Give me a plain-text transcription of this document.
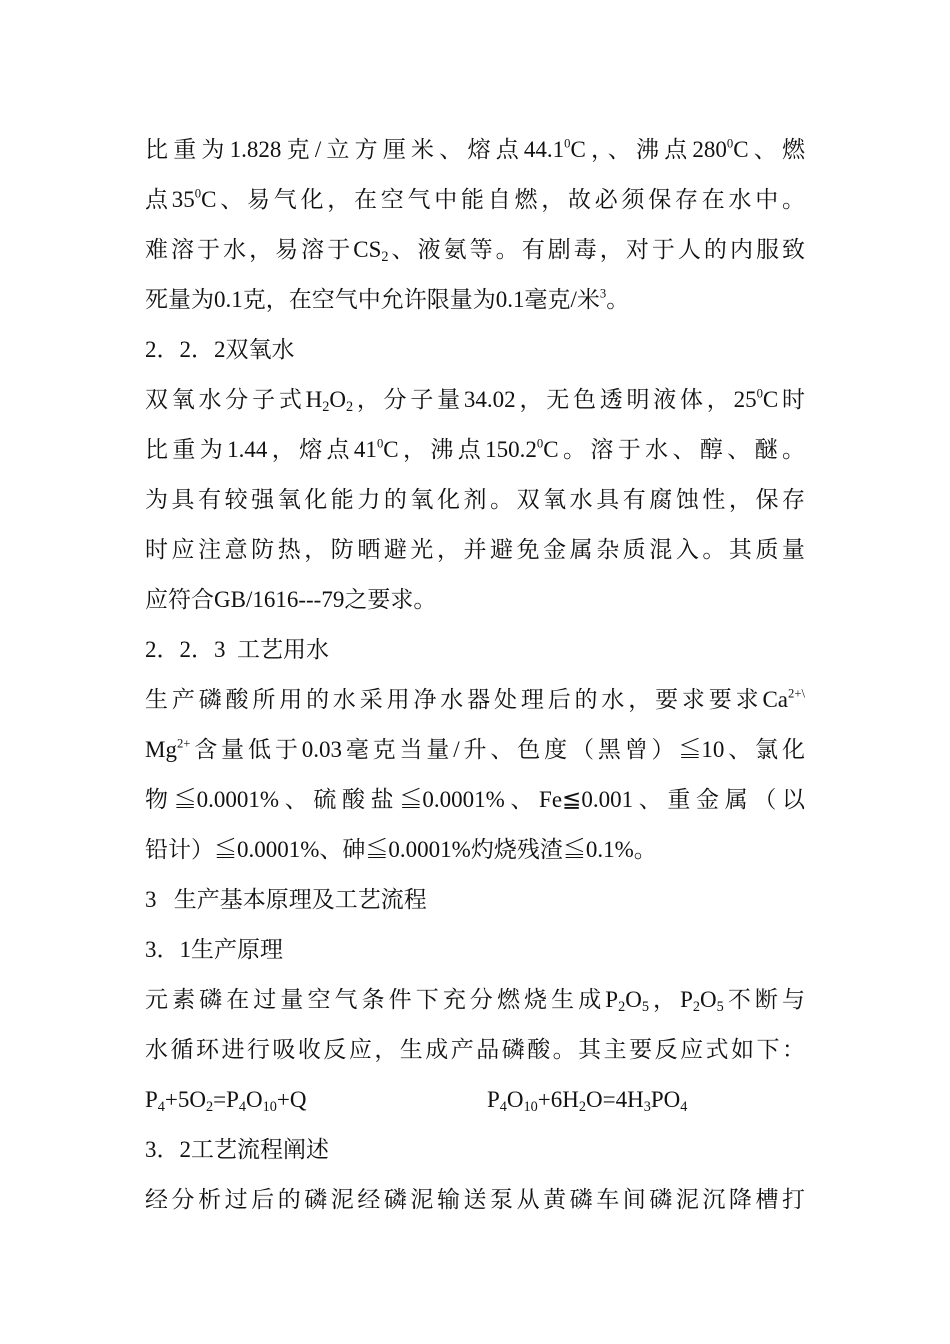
比重为1.828克/立方厘米、熔点44.1$^0$C，、沸点$280^0C$、燃
点$35^0C$、易气化，在空气中能自燃，故必须保存在水中。
难溶于水，易溶于$CS_2$、液氨等。有剧毒，对于人的内服致
死量为0.1克，在空气中允许限量为0.1毫克/米$^3$。
2．2．2双氧水
双氧水分子式$H_2O_2$，分子量34.02，无色透明液体，$25^0C$时
比重为1.44，熔点$41^0C$，沸点150.2$^0$C。溶于水、醇、醚。
为具有较强氧化能力的氧化剂。双氧水具有腐蚀性，保存
时应注意防热，防晒避光，并避免金属杂质混入。其质量
应符合GB/1616---79之要求。
2．2．3  工艺用水
生产磷酸所用的水采用净水器处理后的水，要求要求$Ca^{2+\backslash}$
$Mg^{2+}$含量低于0.03毫克当量/升、色度（黑曾）≦10、氯化
物≦0.0001%、硫酸盐≦0.0001%、Fe≦0.001、重金属（以
铅计）≦0.0001%、砷≦0.0001%灼烧残渣≦0.1%。
3   生产基本原理及工艺流程
3．1生产原理
元素磷在过量空气条件下充分燃烧生成$P_2O_5$，$P_2O_5$不断与
水循环进行吸收反应，生成产品磷酸。其主要反应式如下：
$P_4+5O_2=P_4O_{10}+Q$	$P_4O_{10}+6H_2O=4H_3PO_4$
3．2工艺流程阐述
经分析过后的磷泥经磷泥输送泵从黄磷车间磷泥沉降槽打
